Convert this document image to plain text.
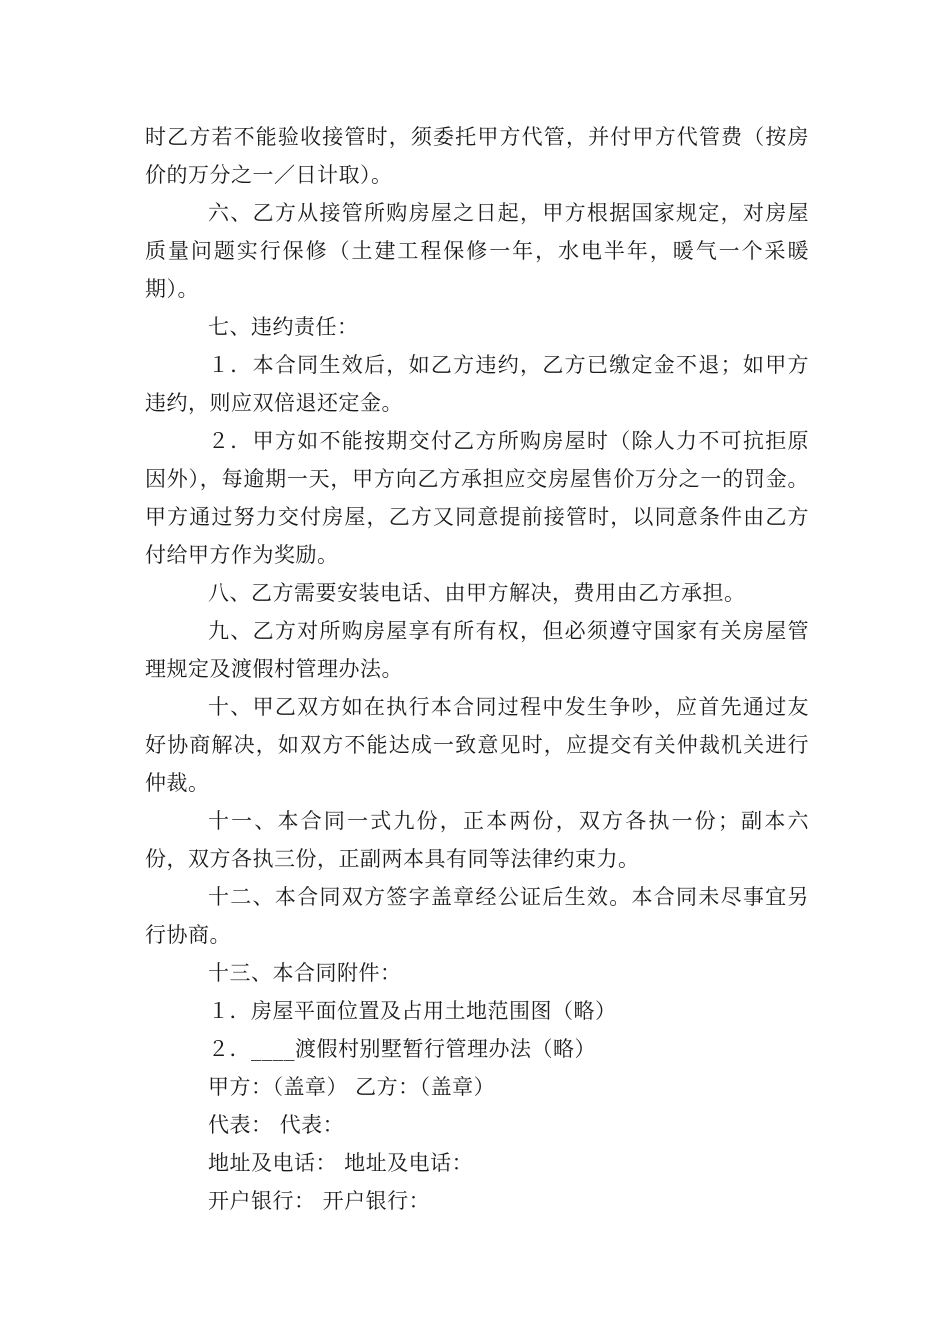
时乙方若不能验收接管时，须委托甲方代管，并付甲方代管费（按房价的万分之一／日计取）。

六、乙方从接管所购房屋之日起，甲方根据国家规定，对房屋质量问题实行保修（土建工程保修一年，水电半年，暖气一个采暖期）。

七、违约责任：

１．本合同生效后，如乙方违约，乙方已缴定金不退；如甲方违约，则应双倍退还定金。

２．甲方如不能按期交付乙方所购房屋时（除人力不可抗拒原因外），每逾期一天，甲方向乙方承担应交房屋售价万分之一的罚金。甲方通过努力交付房屋，乙方又同意提前接管时，以同意条件由乙方付给甲方作为奖励。

八、乙方需要安装电话、由甲方解决，费用由乙方承担。

九、乙方对所购房屋享有所有权，但必须遵守国家有关房屋管理规定及渡假村管理办法。

十、甲乙双方如在执行本合同过程中发生争吵，应首先通过友好协商解决，如双方不能达成一致意见时，应提交有关仲裁机关进行仲裁。

十一、本合同一式九份，正本两份，双方各执一份；副本六份，双方各执三份，正副两本具有同等法律约束力。

十二、本合同双方签字盖章经公证后生效。本合同未尽事宜另行协商。

十三、本合同附件：

１．房屋平面位置及占用土地范围图（略）
２．____渡假村别墅暂行管理办法（略）
甲方：（盖章） 乙方：（盖章）
代表： 代表：
地址及电话： 地址及电话：
开户银行： 开户银行：
